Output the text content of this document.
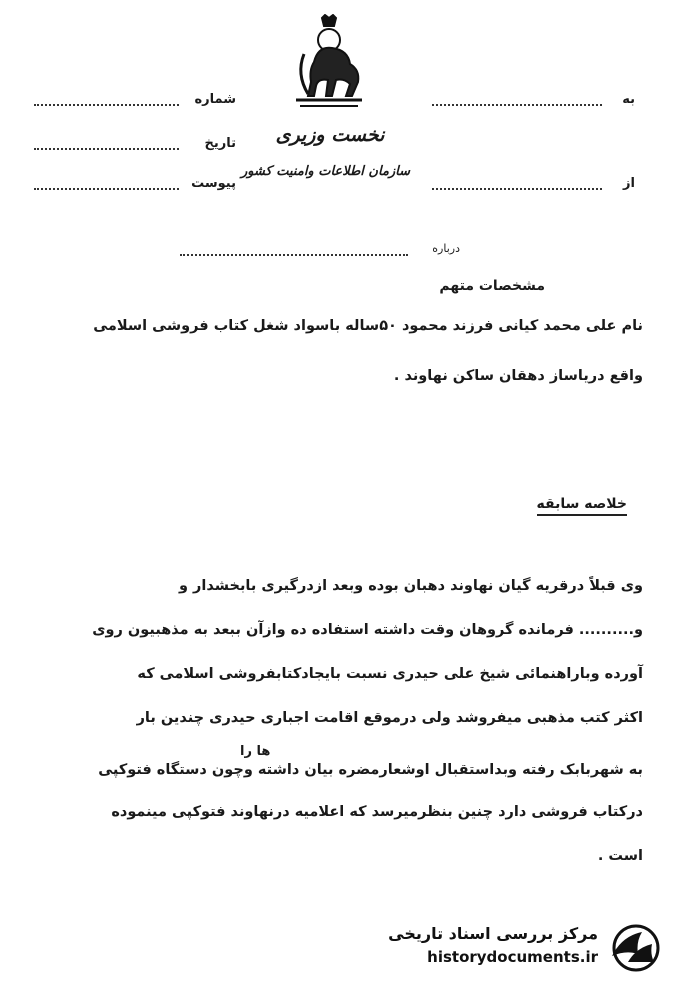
نخست وزیری
سازمان اطلاعات وامنیت کشور
شماره
تاریخ
پیوست
به
از
درباره
مشخصات متهم
نام علی محمد کیانی فرزند محمود ۵۰ساله باسواد شغل کتاب فروشی اسلامی
واقع دریاساز دهقان ساکن نهاوند .
خلاصه سابقه
وی قبلاً درقریه گیان نهاوند دهبان بوده وبعد ازدرگیری بابخشدار و
و.......... فرمانده گروهان وقت داشته استفاده ده وازآن ببعد به مذهبیون روی
آورده وباراهنمائی شیخ علی حیدری نسبت بایجادکتابفروشی اسلامی که
اکثر کتب مذهبی میفروشد ولی درموقع اقامت اجباری حیدری چندین بار
ها را
به شهربابک رفته وبداستقبال اوشعارمضره بیان داشته وچون دستگاه فتوکپی
درکتاب فروشی دارد چنین بنظرمیرسد که اعلامیه درنهاوند فتوکپی مینموده
است .
مرکز بررسی اسناد تاریخی
historydocuments.ir
